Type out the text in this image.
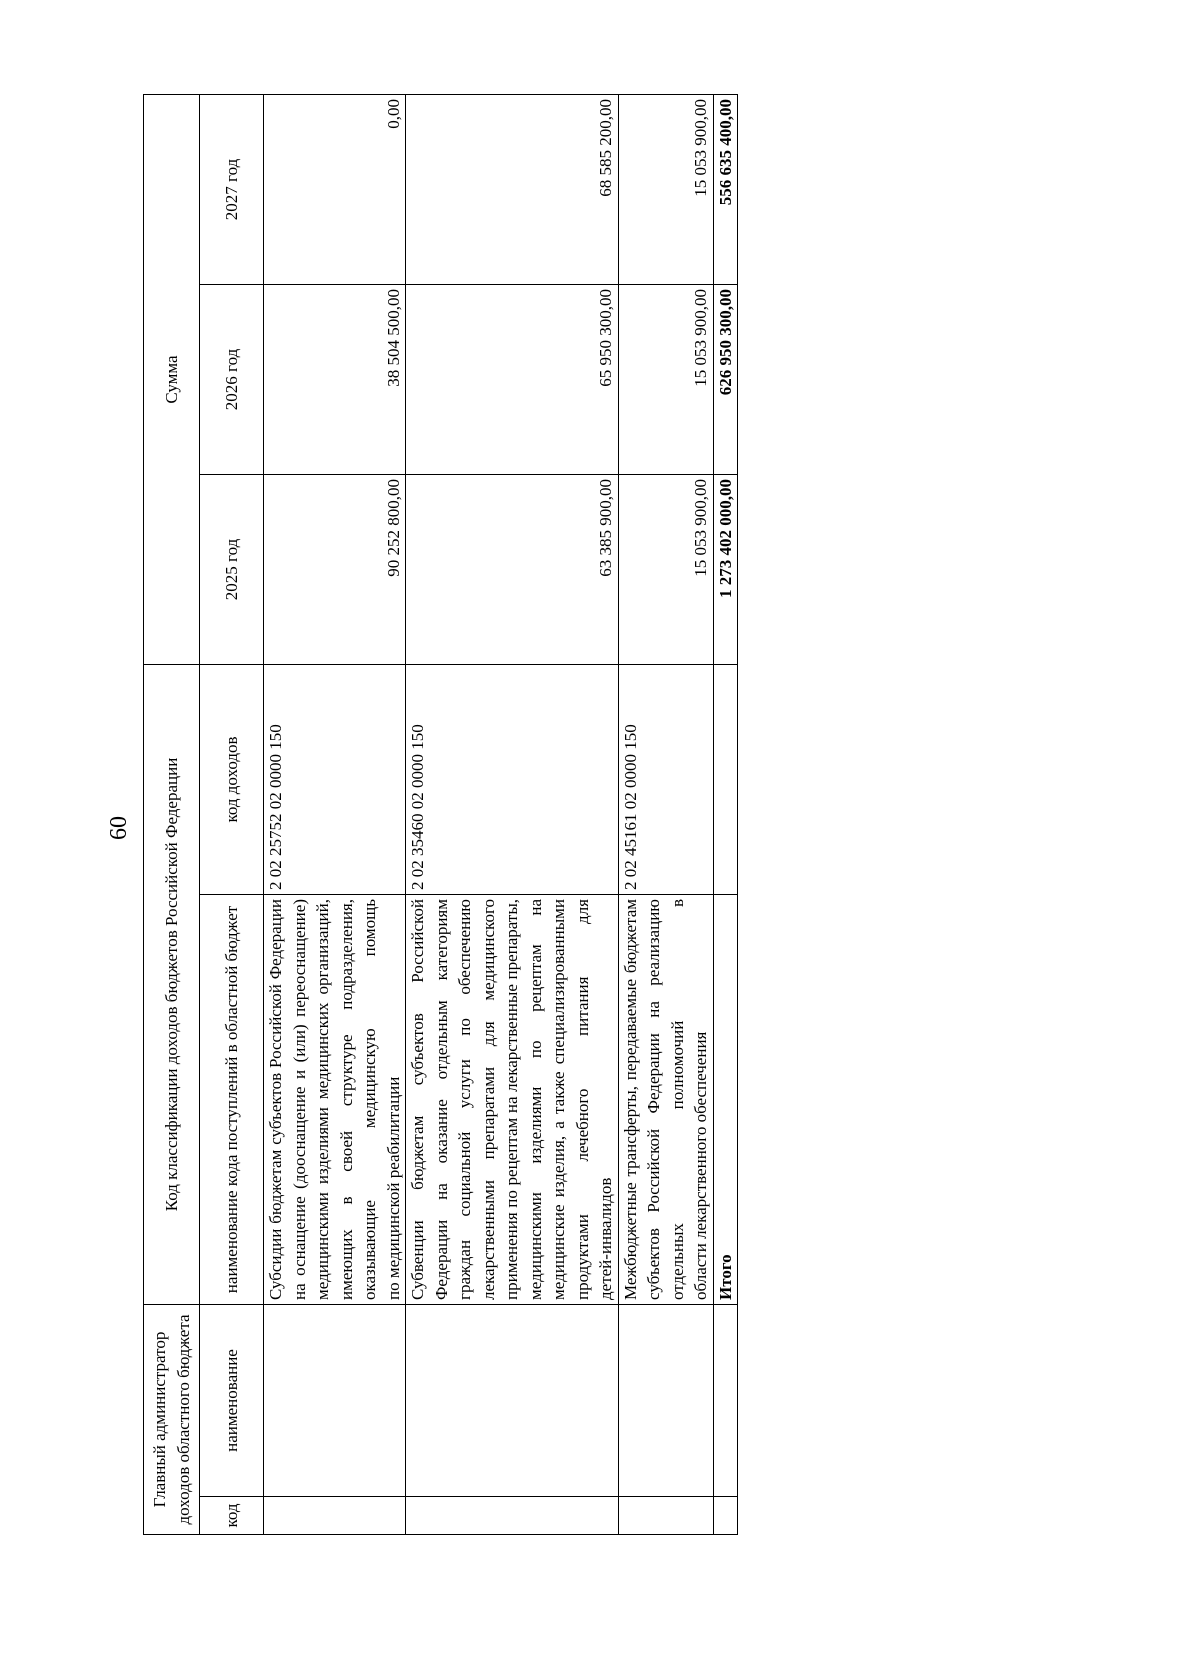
60
Главный администратор доходов областного бюджета		Код классификации доходов бюджетов Российской Федерации		Сумма		
код	наименование	наименование кода поступлений в областной бюджет	код доходов	2025 год	2026 год	2027 год
		Субсидии бюджетам субъектов Российской Федерации на оснащение (дооснащение и (или) переоснащение) медицинскими изделиями медицинских организаций, имеющих в своей структуре подразделения, оказывающие медицинскую помощь по медицинской реабилитации	2 02 25752 02 0000 150	90 252 800,00	38 504 500,00	0,00
		Субвенции бюджетам субъектов Российской Федерации на оказание отдельным категориям граждан социальной услуги по обеспечению лекарственными препаратами для медицинского применения по рецептам на лекарственные препараты, медицинскими изделиями по рецептам на медицинские изделия, а также специализированными продуктами лечебного питания для детей-инвалидов	2 02 35460 02 0000 150	63 385 900,00	65 950 300,00	68 585 200,00
		Межбюджетные трансферты, передаваемые бюджетам субъектов Российской Федерации на реализацию отдельных полномочий в области лекарственного обеспечения	2 02 45161 02 0000 150	15 053 900,00	15 053 900,00	15 053 900,00
		Итого		1 273 402 000,00	626 950 300,00	556 635 400,00
